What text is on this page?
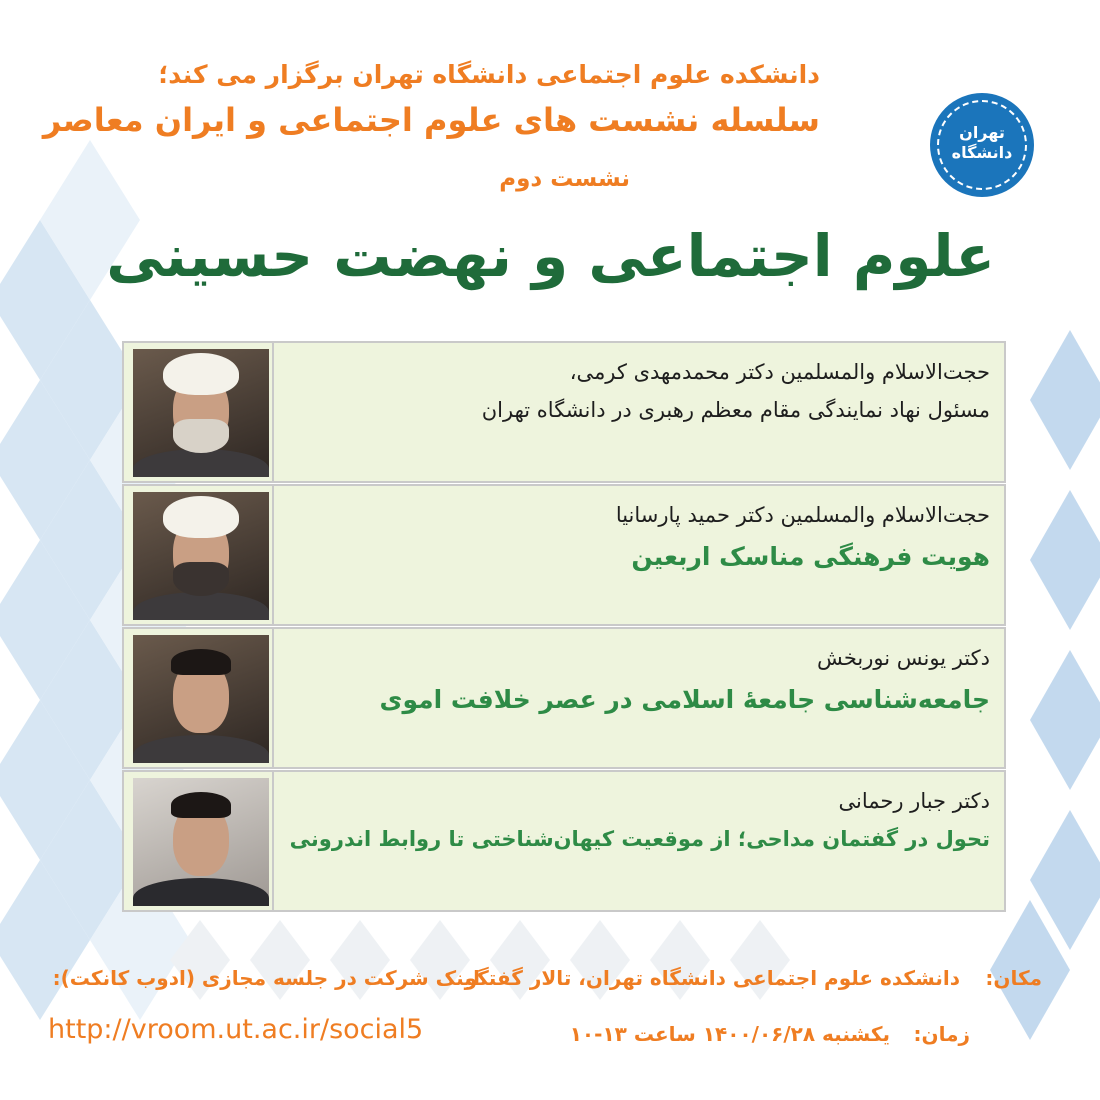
دانشکده علوم اجتماعی دانشگاه تهران برگزار می کند؛
سلسله نشست های علوم اجتماعی و ایران معاصر
نشست دوم
علوم اجتماعی و نهضت حسینی
تهران
دانشگاه
حجت‌الاسلام والمسلمین دکتر محمدمهدی کرمی،
مسئول نهاد نمایندگی مقام معظم رهبری در دانشگاه تهران
حجت‌الاسلام والمسلمین دکتر حمید پارسانیا
هویت فرهنگی مناسک اربعین
دکتر یونس نوربخش
جامعه‌شناسی جامعهٔ اسلامی در عصر خلافت اموی
دکتر جبار رحمانی
تحول در گفتمان مداحی؛ از موقعیت کیهان‌شناختی تا روابط اندرونی
مکان:
دانشکده علوم اجتماعی دانشگاه تهران، تالار گفتگو
زمان:
یکشنبه ۱۴۰۰/۰۶/۲۸ ساعت ۱۳-۱۰
لینک شرکت در جلسه مجازی (ادوب کانکت):
http://vroom.ut.ac.ir/social5
